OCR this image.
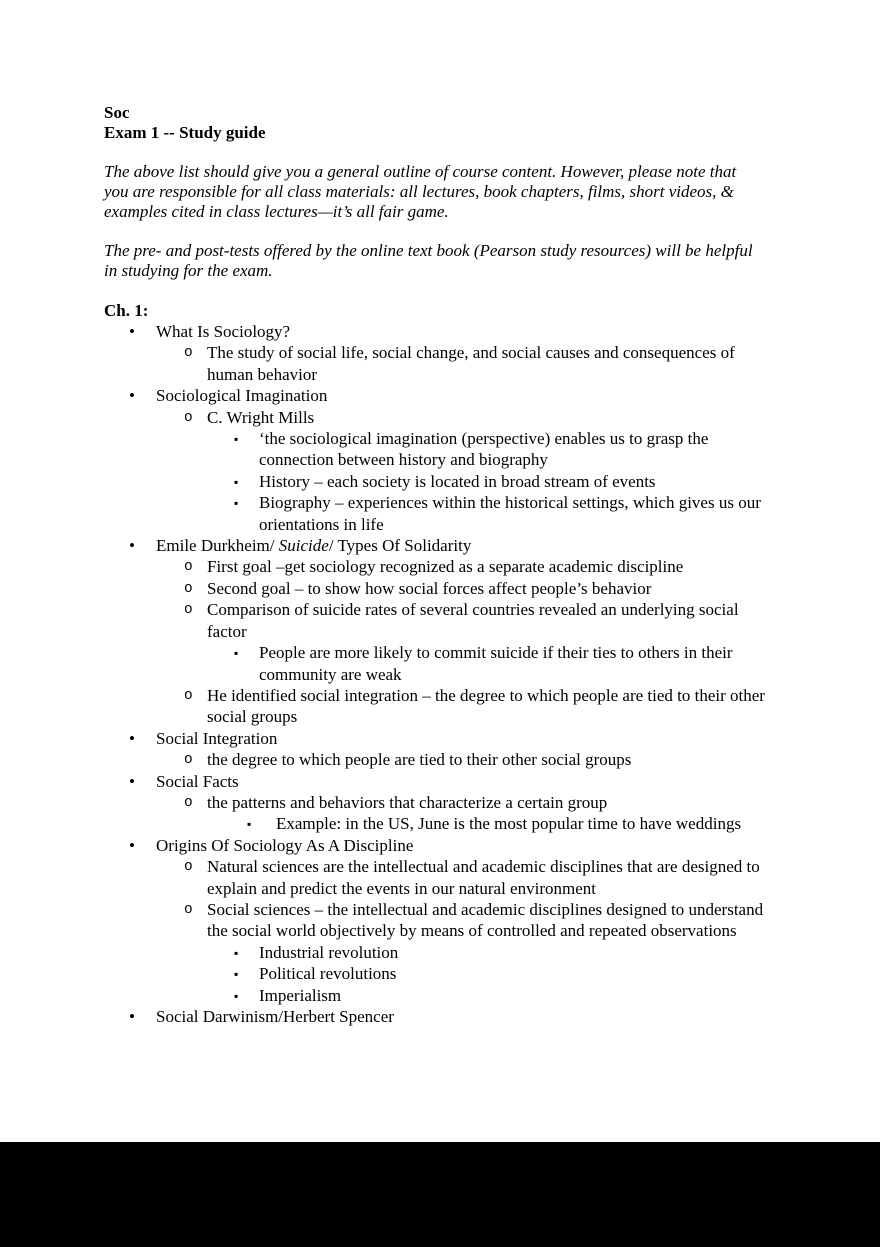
Soc
Exam 1 -- Study guide
The above list should give you a general outline of course content. However, please note that
you are responsible for all class materials: all lectures, book chapters, films, short videos, &
examples cited in class lectures—it’s all fair game.
The pre- and post-tests offered by the online text book (Pearson study resources) will be helpful
in studying for the exam.
Ch. 1:
• What Is Sociology?
o The study of social life, social change, and social causes and consequences of
human behavior
• Sociological Imagination
o C. Wright Mills
▪ ‘the sociological imagination (perspective) enables us to grasp the
connection between history and biography
▪ History – each society is located in broad stream of events
▪ Biography – experiences within the historical settings, which gives us our
orientations in life
• Emile Durkheim/ Suicide/ Types Of Solidarity
o First goal –get sociology recognized as a separate academic discipline
o Second goal – to show how social forces affect people’s behavior
o Comparison of suicide rates of several countries revealed an underlying social
factor
▪ People are more likely to commit suicide if their ties to others in their
community are weak
o He identified social integration – the degree to which people are tied to their other
social groups
• Social Integration
o the degree to which people are tied to their other social groups
• Social Facts
o the patterns and behaviors that characterize a certain group
▪ Example: in the US, June is the most popular time to have weddings
• Origins Of Sociology As A Discipline
o Natural sciences are the intellectual and academic disciplines that are designed to
explain and predict the events in our natural environment
o Social sciences – the intellectual and academic disciplines designed to understand
the social world objectively by means of controlled and repeated observations
▪ Industrial revolution
▪ Political revolutions
▪ Imperialism
• Social Darwinism/Herbert Spencer
